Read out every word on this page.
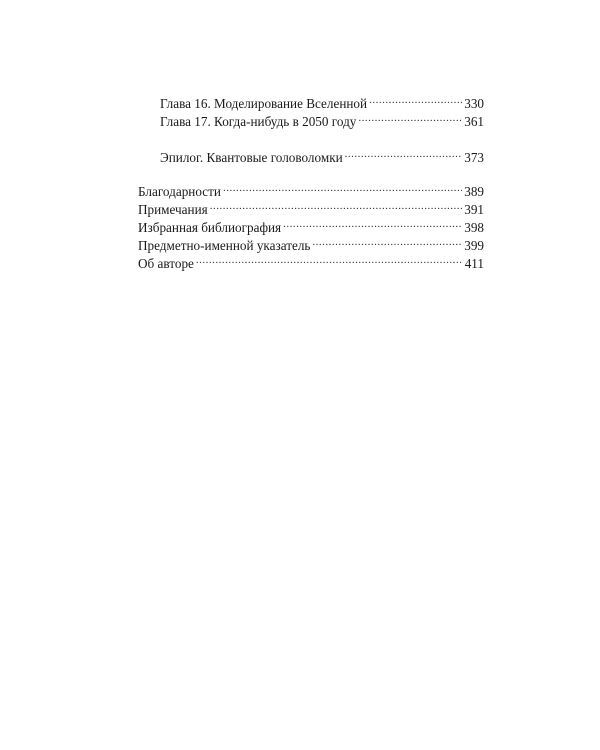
Глава 16. Моделирование Вселенной .....	330
Глава 17. Когда-нибудь в 2050 году .....	361
Эпилог. Квантовые головоломки .....	373
Благодарности .....	389
Примечания .....	391
Избранная библиография .....	398
Предметно-именной указатель .....	399
Об авторе .....	411
